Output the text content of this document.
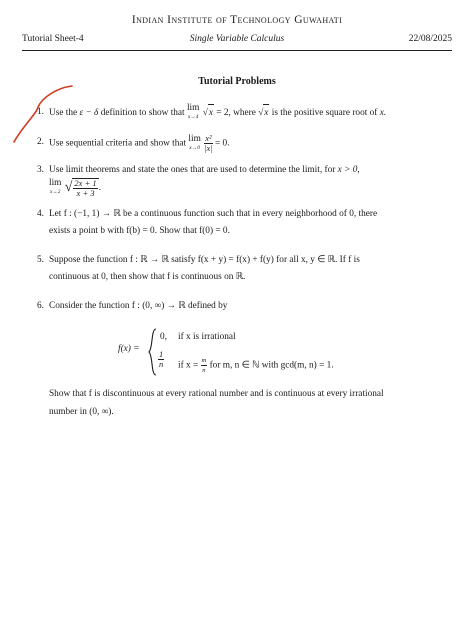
Indian Institute of Technology Guwahati
Tutorial Sheet-4	Single Variable Calculus	22/08/2025
Tutorial Problems
1. Use the ε − δ definition to show that lim
x→4 √x = 2, where √x is the positive square root of x.
2. Use sequential criteria and show that lim
x→0
$\frac{\text{x²}}{|x|} = 0$.
3. Use limit theorems and state the ones that are used to determine the limit, for x > 0,
lim
x→2 √ $\frac{2x + 1}{x + 3}$ .
4. Let f : (−1, 1) → ℝ be a continuous function such that in every neighborhood of 0, there
exists a point b with f(b) = 0. Show that f(0) = 0.
5. Suppose the function f : ℝ → ℝ satisfy f(x + y) = f(x) + f(y) for all x, y ∈ ℝ. If f is
continuous at 0, then show that f is continuous on ℝ.
6. Consider the function f : (0, ∞) → ℝ defined by
f(x) =
0, if x is irrational
$\frac{1}{n}$ if $x = \frac{m}{n}$ for m, n ∈ ℕ with gcd(m, n) = 1.
Show that f is discontinuous at every rational number and is continuous at every irrational
number in (0, ∞).
